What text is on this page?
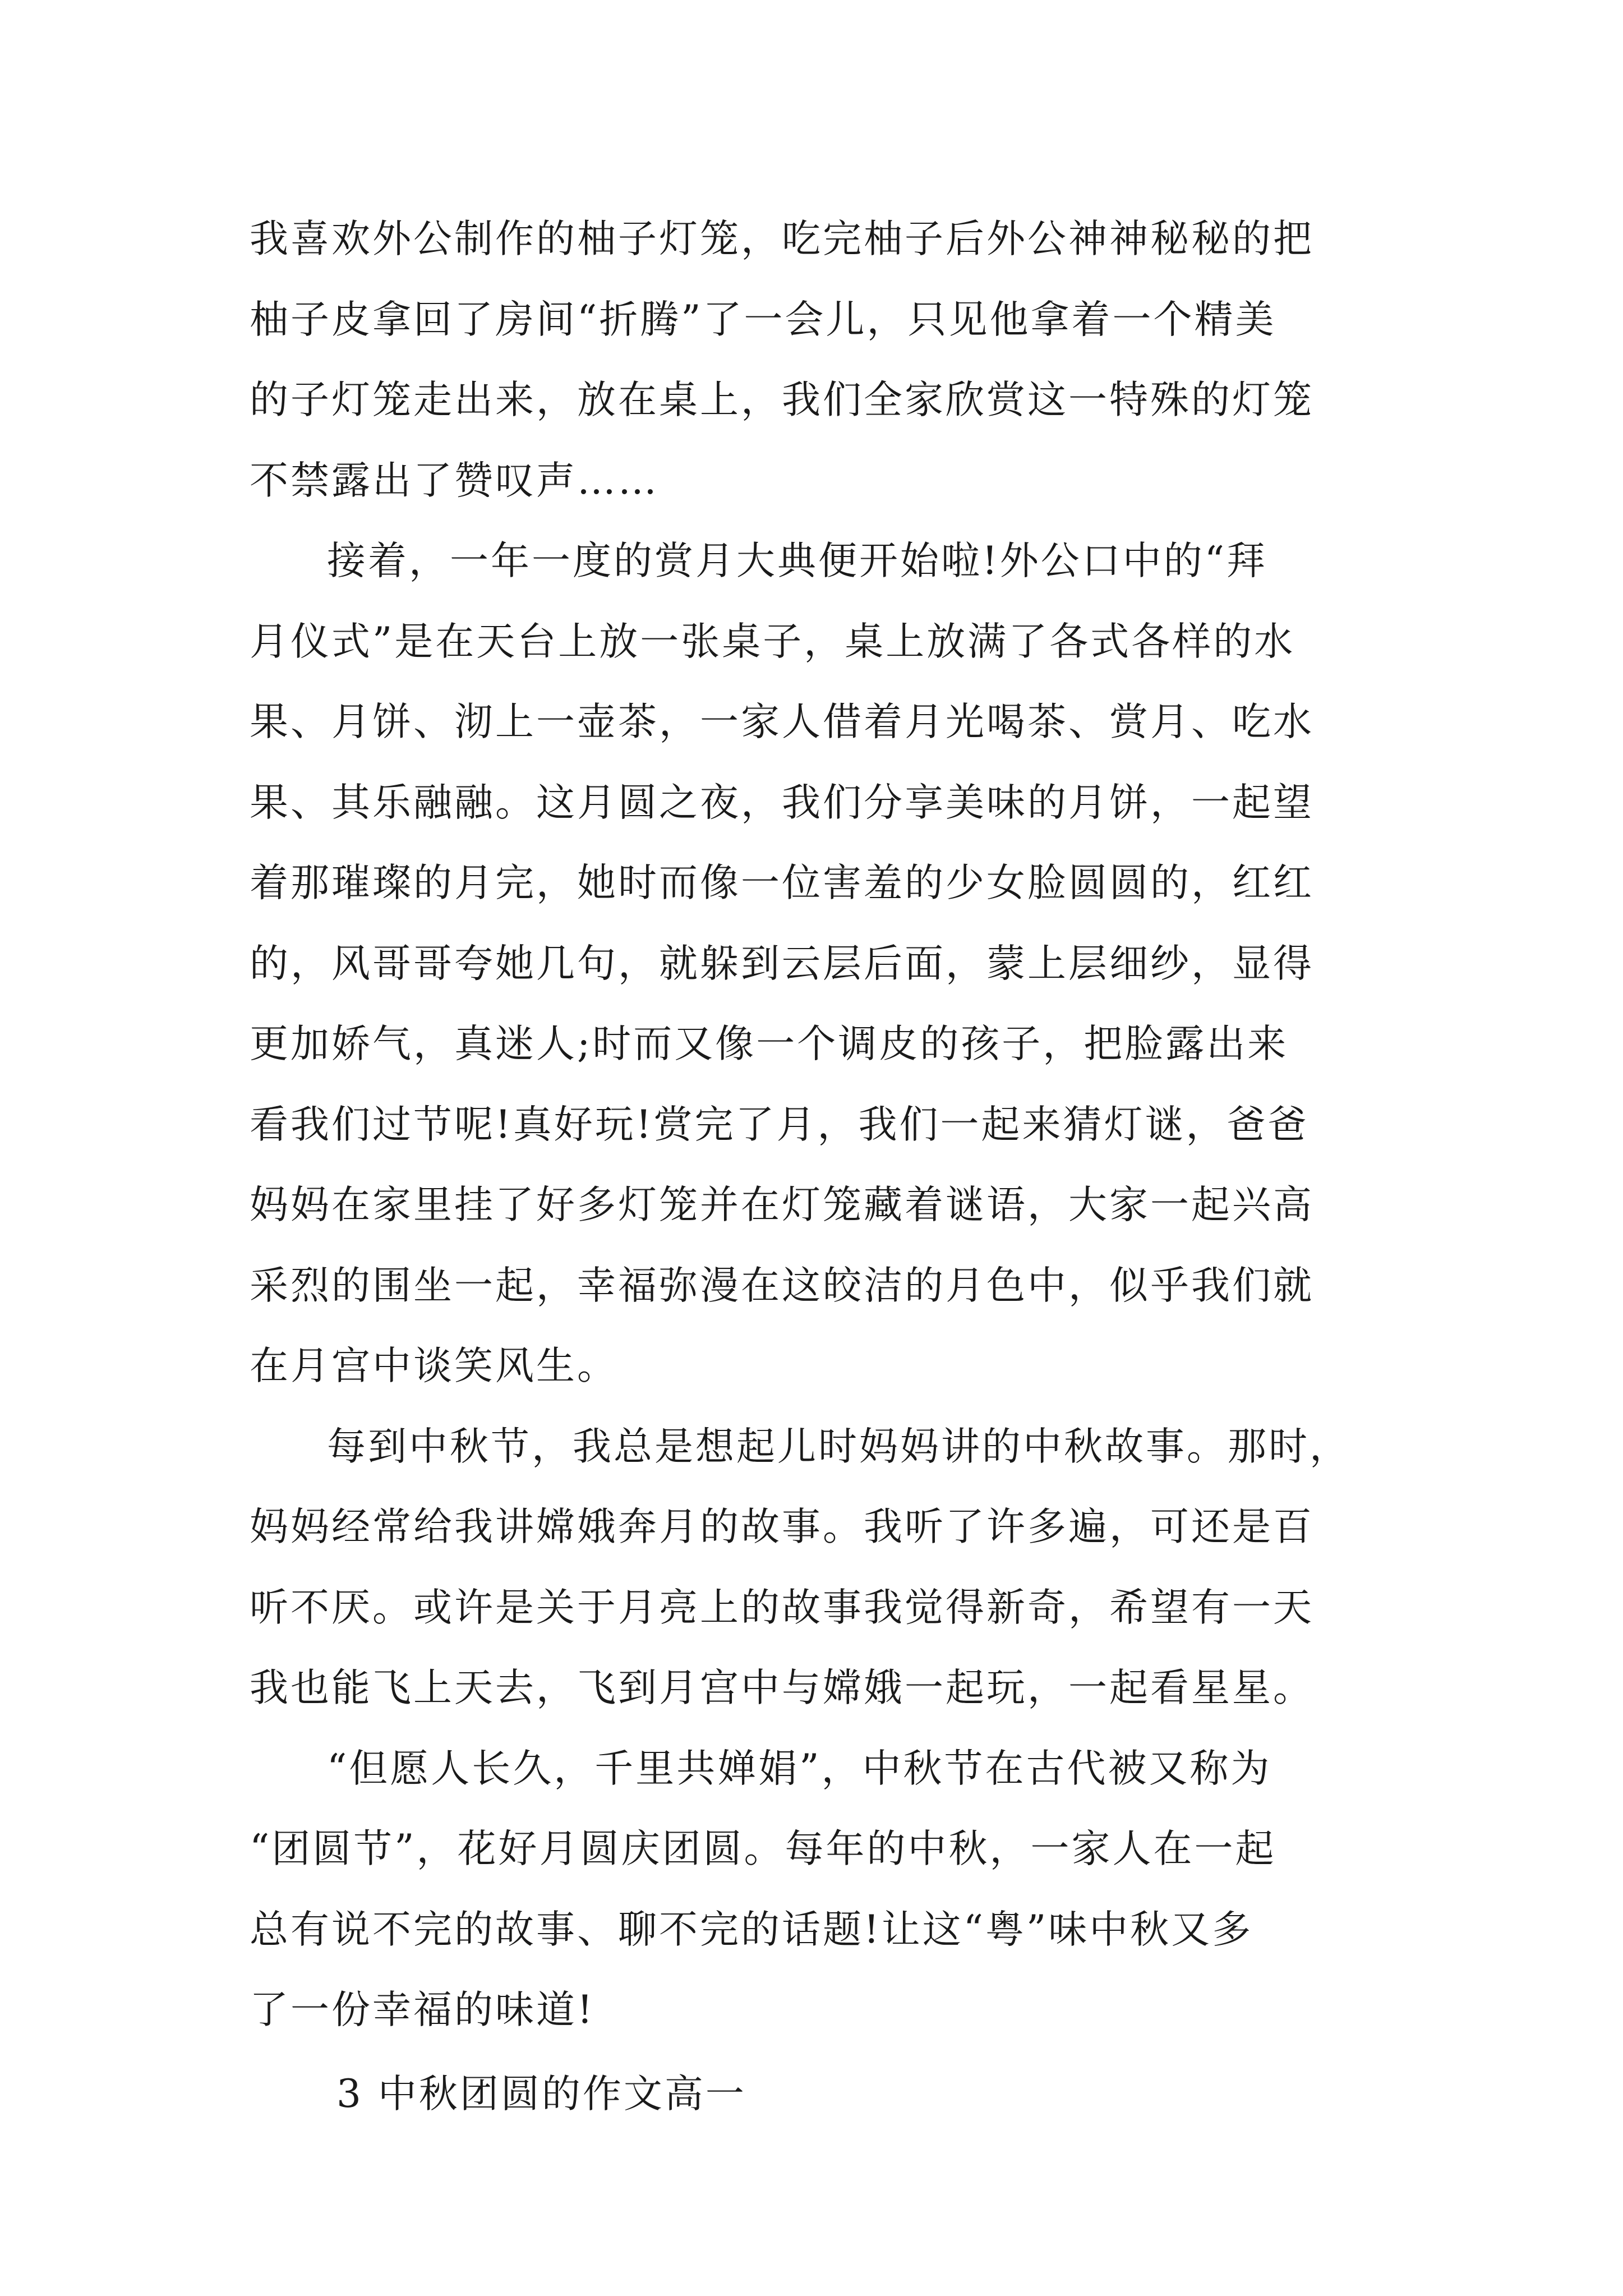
我喜欢外公制作的柚子灯笼，吃完柚子后外公神神秘秘的把
柚子皮拿回了房间“折腾”了一会儿，只见他拿着一个精美
的子灯笼走出来，放在桌上，我们全家欣赏这一特殊的灯笼
不禁露出了赞叹声……
接着，一年一度的赏月大典便开始啦!外公口中的“拜
月仪式”是在天台上放一张桌子，桌上放满了各式各样的水
果、月饼、沏上一壶茶，一家人借着月光喝茶、赏月、吃水
果、其乐融融。这月圆之夜，我们分享美味的月饼，一起望
着那璀璨的月完，她时而像一位害羞的少女脸圆圆的，红红
的，风哥哥夸她几句，就躲到云层后面，蒙上层细纱，显得
更加娇气，真迷人;时而又像一个调皮的孩子，把脸露出来
看我们过节呢!真好玩!赏完了月，我们一起来猜灯谜，爸爸
妈妈在家里挂了好多灯笼并在灯笼藏着谜语，大家一起兴高
采烈的围坐一起，幸福弥漫在这皎洁的月色中，似乎我们就
在月宫中谈笑风生。
每到中秋节，我总是想起儿时妈妈讲的中秋故事。那时，
妈妈经常给我讲嫦娥奔月的故事。我听了许多遍，可还是百
听不厌。或许是关于月亮上的故事我觉得新奇，希望有一天
我也能飞上天去，飞到月宫中与嫦娥一起玩，一起看星星。
“但愿人长久，千里共婵娟”，中秋节在古代被又称为
“团圆节”，花好月圆庆团圆。每年的中秋，一家人在一起
总有说不完的故事、聊不完的话题!让这“粤”味中秋又多
了一份幸福的味道!
3 中秋团圆的作文高一
